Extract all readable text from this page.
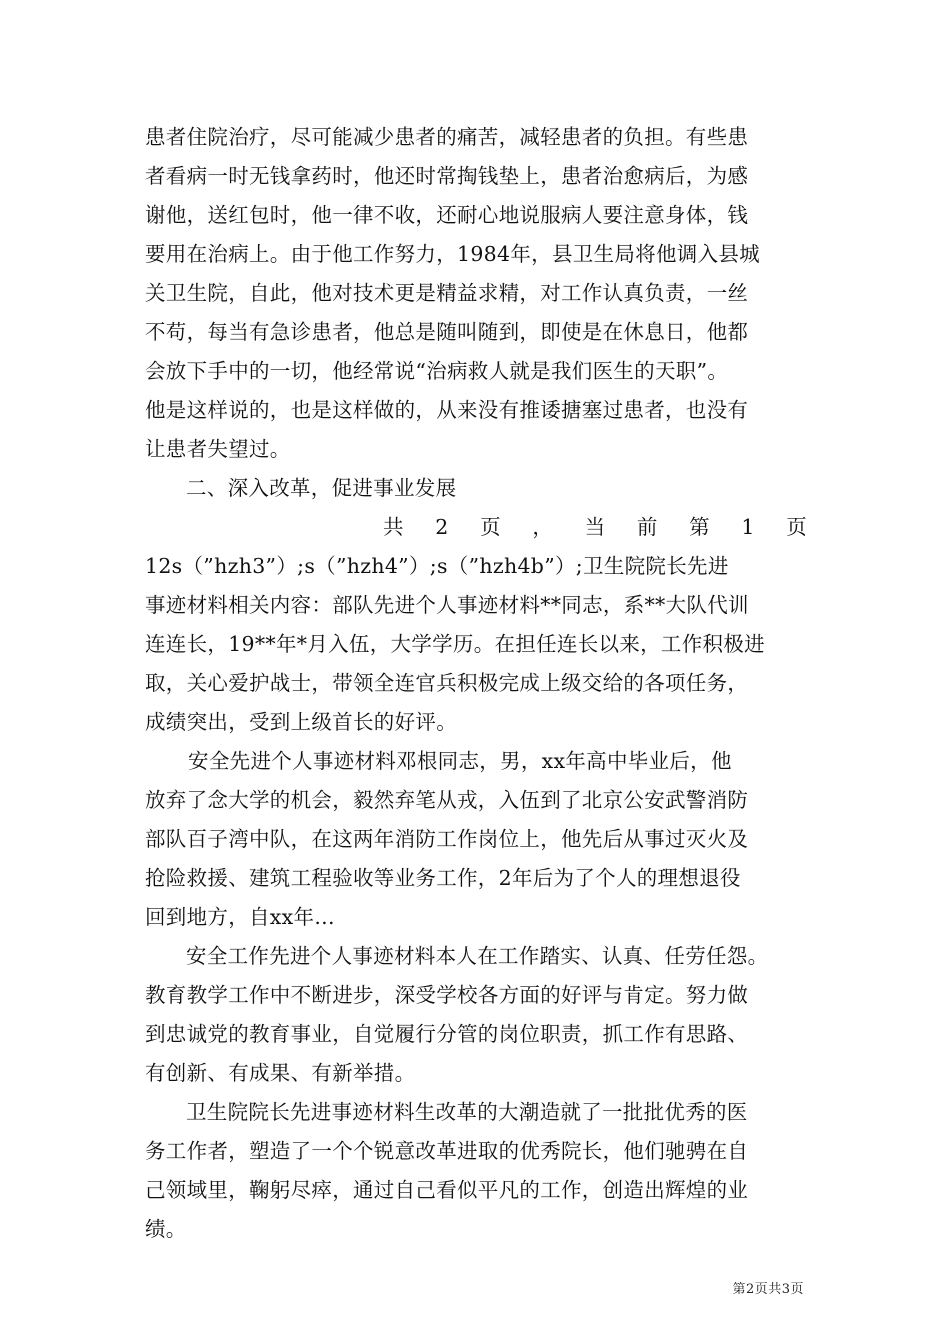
患者住院治疗，尽可能减少患者的痛苦，减轻患者的负担。有些患

者看病一时无钱拿药时，他还时常掏钱垫上，患者治愈病后，为感

谢他，送红包时，他一律不收，还耐心地说服病人要注意身体，钱

要用在治病上。由于他工作努力，1984年，县卫生局将他调入县城

关卫生院，自此，他对技术更是精益求精，对工作认真负责，一丝

不苟，每当有急诊患者，他总是随叫随到，即使是在休息日，他都

会放下手中的一切，他经常说“治病救人就是我们医生的天职”。

他是这样说的，也是这样做的，从来没有推诿搪塞过患者，也没有

让患者失望过。

二、深入改革，促进事业发展

共 2 页 ， 当 前 第 1 页

12s（”hzh3”）;s（”hzh4”）;s（”hzh4b”）;卫生院院长先进

事迹材料相关内容：部队先进个人事迹材料**同志，系**大队代训

连连长，19**年*月入伍，大学学历。在担任连长以来，工作积极进

取，关心爱护战士，带领全连官兵积极完成上级交给的各项任务，

成绩突出，受到上级首长的好评。

安全先进个人事迹材料邓根同志，男，xx年高中毕业后，他

放弃了念大学的机会，毅然弃笔从戎，入伍到了北京公安武警消防

部队百子湾中队，在这两年消防工作岗位上，他先后从事过灭火及

抢险救援、建筑工程验收等业务工作，2年后为了个人的理想退役

回到地方，自xx年...

安全工作先进个人事迹材料本人在工作踏实、认真、任劳任怨。

教育教学工作中不断进步，深受学校各方面的好评与肯定。努力做

到忠诚党的教育事业，自觉履行分管的岗位职责，抓工作有思路、

有创新、有成果、有新举措。

卫生院院长先进事迹材料生改革的大潮造就了一批批优秀的医

务工作者，塑造了一个个锐意改革进取的优秀院长，他们驰骋在自

己领域里，鞠躬尽瘁，通过自己看似平凡的工作，创造出辉煌的业

绩。

第2页共3页
